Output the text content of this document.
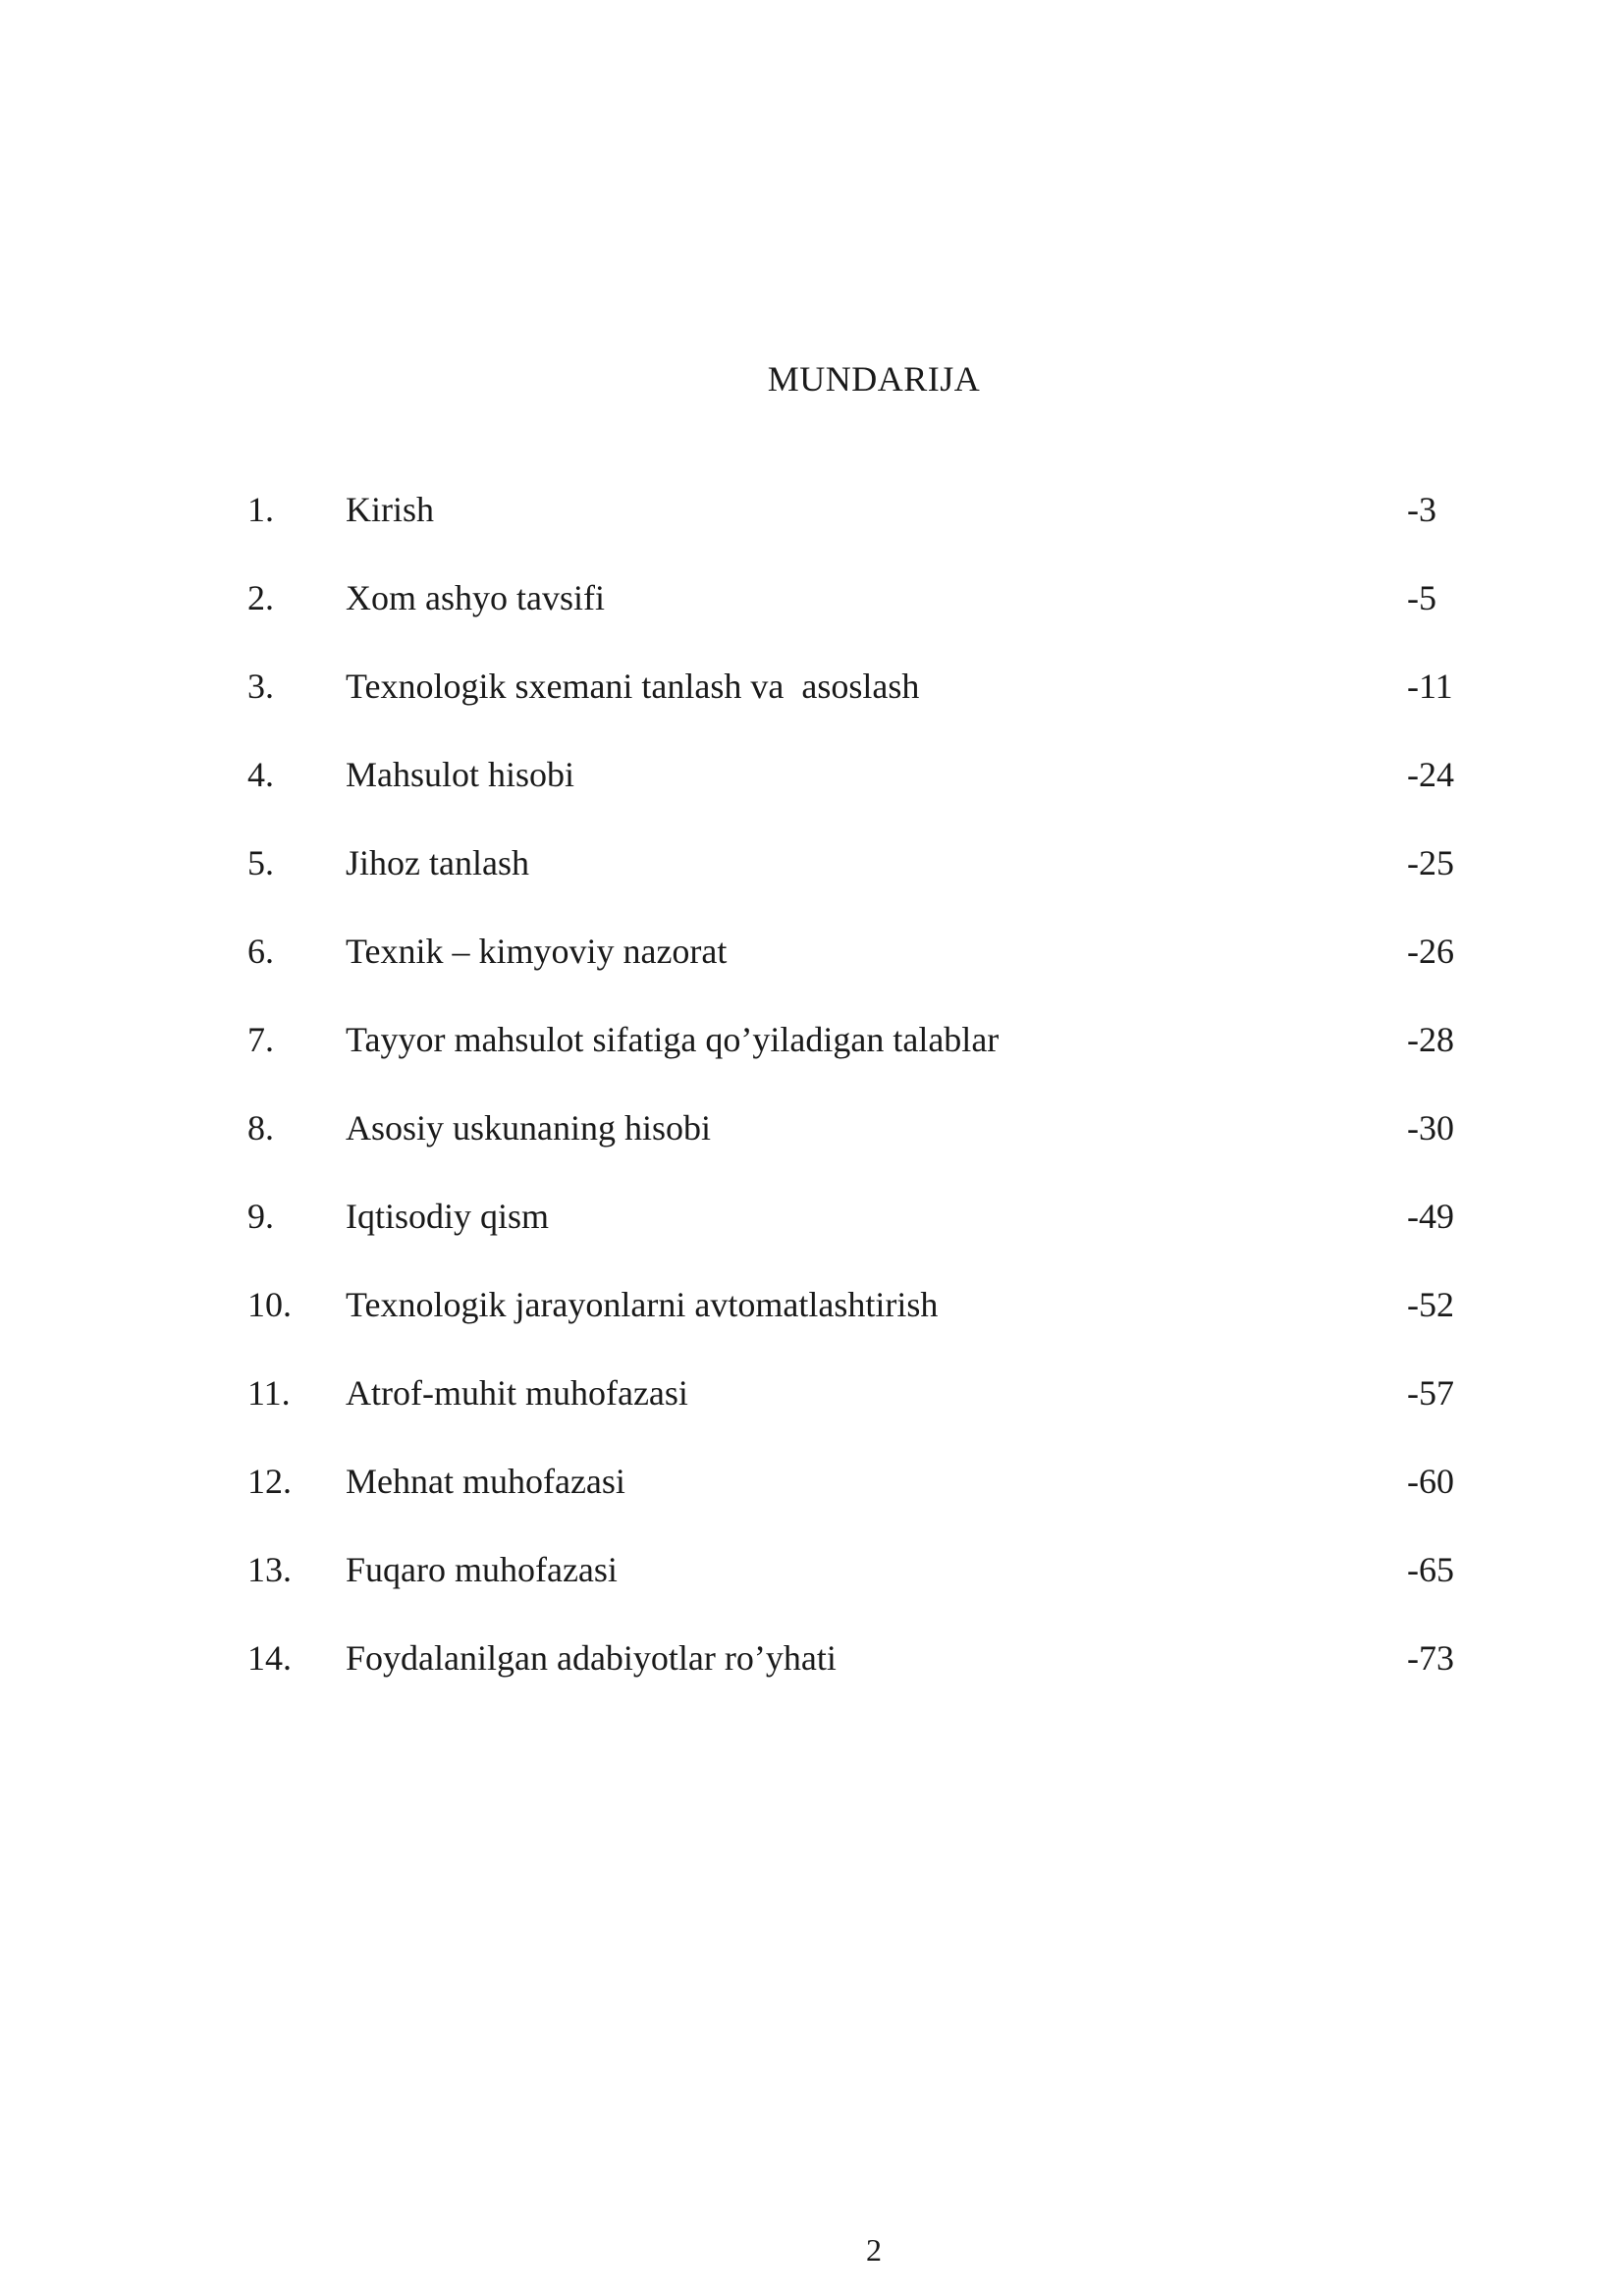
MUNDARIJA
1. Kirish	-3
2. Xom ashyo tavsifi	-5
3. Texnologik sxemani tanlash va  asoslash	-11
4. Mahsulot hisobi	-24
5. Jihoz tanlash	-25
6. Texnik – kimyoviy nazorat	-26
7. Tayyor mahsulot sifatiga qo’yiladigan talablar	-28
8. Asosiy uskunaning hisobi	-30
9. Iqtisodiy qism	-49
10. Texnologik jarayonlarni avtomatlashtirish	-52
11. Atrof-muhit muhofazasi	-57
12. Mehnat muhofazasi	-60
13. Fuqaro muhofazasi	-65
14. Foydalanilgan adabiyotlar ro’yhati	-73
2
